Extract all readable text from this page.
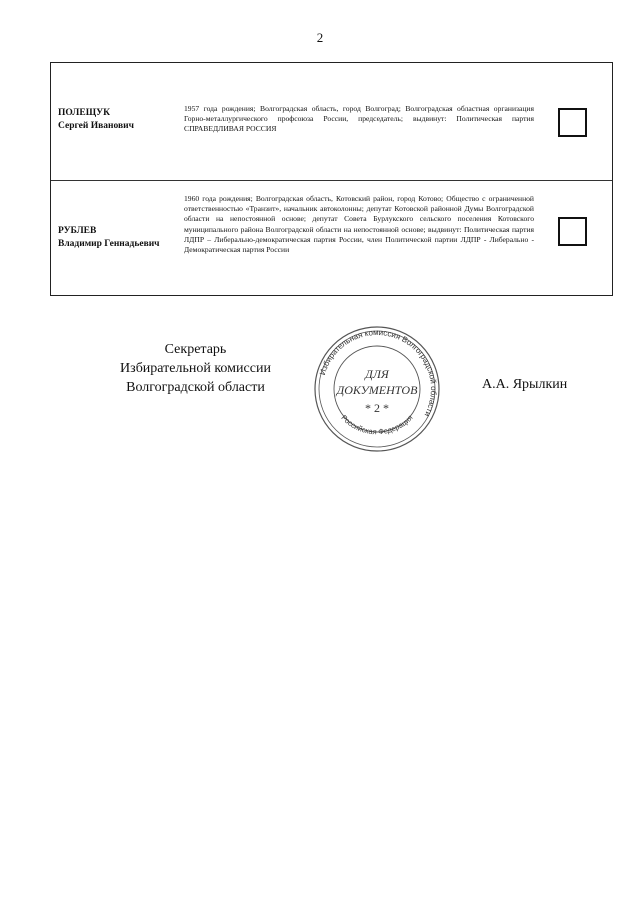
2
ПОЛЕЩУК
Сергей Иванович
1957 года рождения; Волгоградская область, город Волгоград; Волгоградская областная организация Горно-металлургического профсоюза России, председатель; выдвинут: Политическая партия СПРАВЕДЛИВАЯ РОССИЯ
РУБЛЕВ
Владимир Геннадьевич
1960 года рождения; Волгоградская область, Котовский район, город Котово; Общество с ограниченной ответственностью «Транзит», начальник автоколонны; депутат Котовской районной Думы Волгоградской области на непостоянной основе; депутат Совета Бурлукского сельского поселения Котовского муниципального района Волгоградской области на непостоянной основе; выдвинут: Политическая партия ЛДПР – Либерально-демократическая партия России, член Политической партии ЛДПР - Либерально - Демократическая партия России
Секретарь
Избирательной комиссии
Волгоградской области
Избирательная комиссия Волгоградской области
Российская Федерация
ДЛЯ
ДОКУМЕНТОВ
* 2 *
А.А. Ярылкин
